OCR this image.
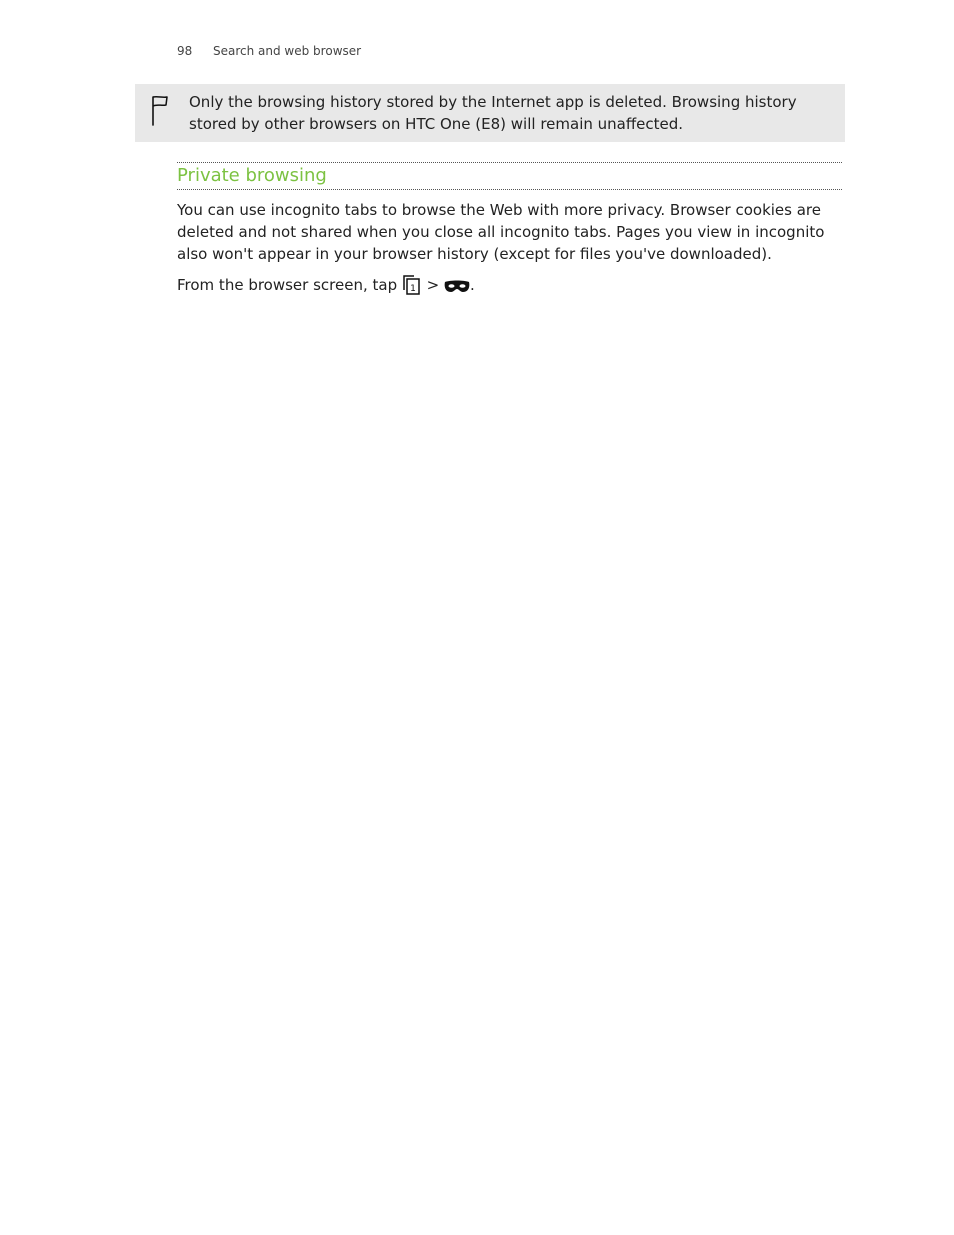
98 Search and web browser
Only the browsing history stored by the Internet app is deleted. Browsing history stored by other browsers on HTC One (E8) will remain unaffected.
Private browsing

You can use incognito tabs to browse the Web with more privacy. Browser cookies are deleted and not shared when you close all incognito tabs. Pages you view in incognito also won't appear in your browser history (except for files you've downloaded).

From the browser screen, tap 1 > .
